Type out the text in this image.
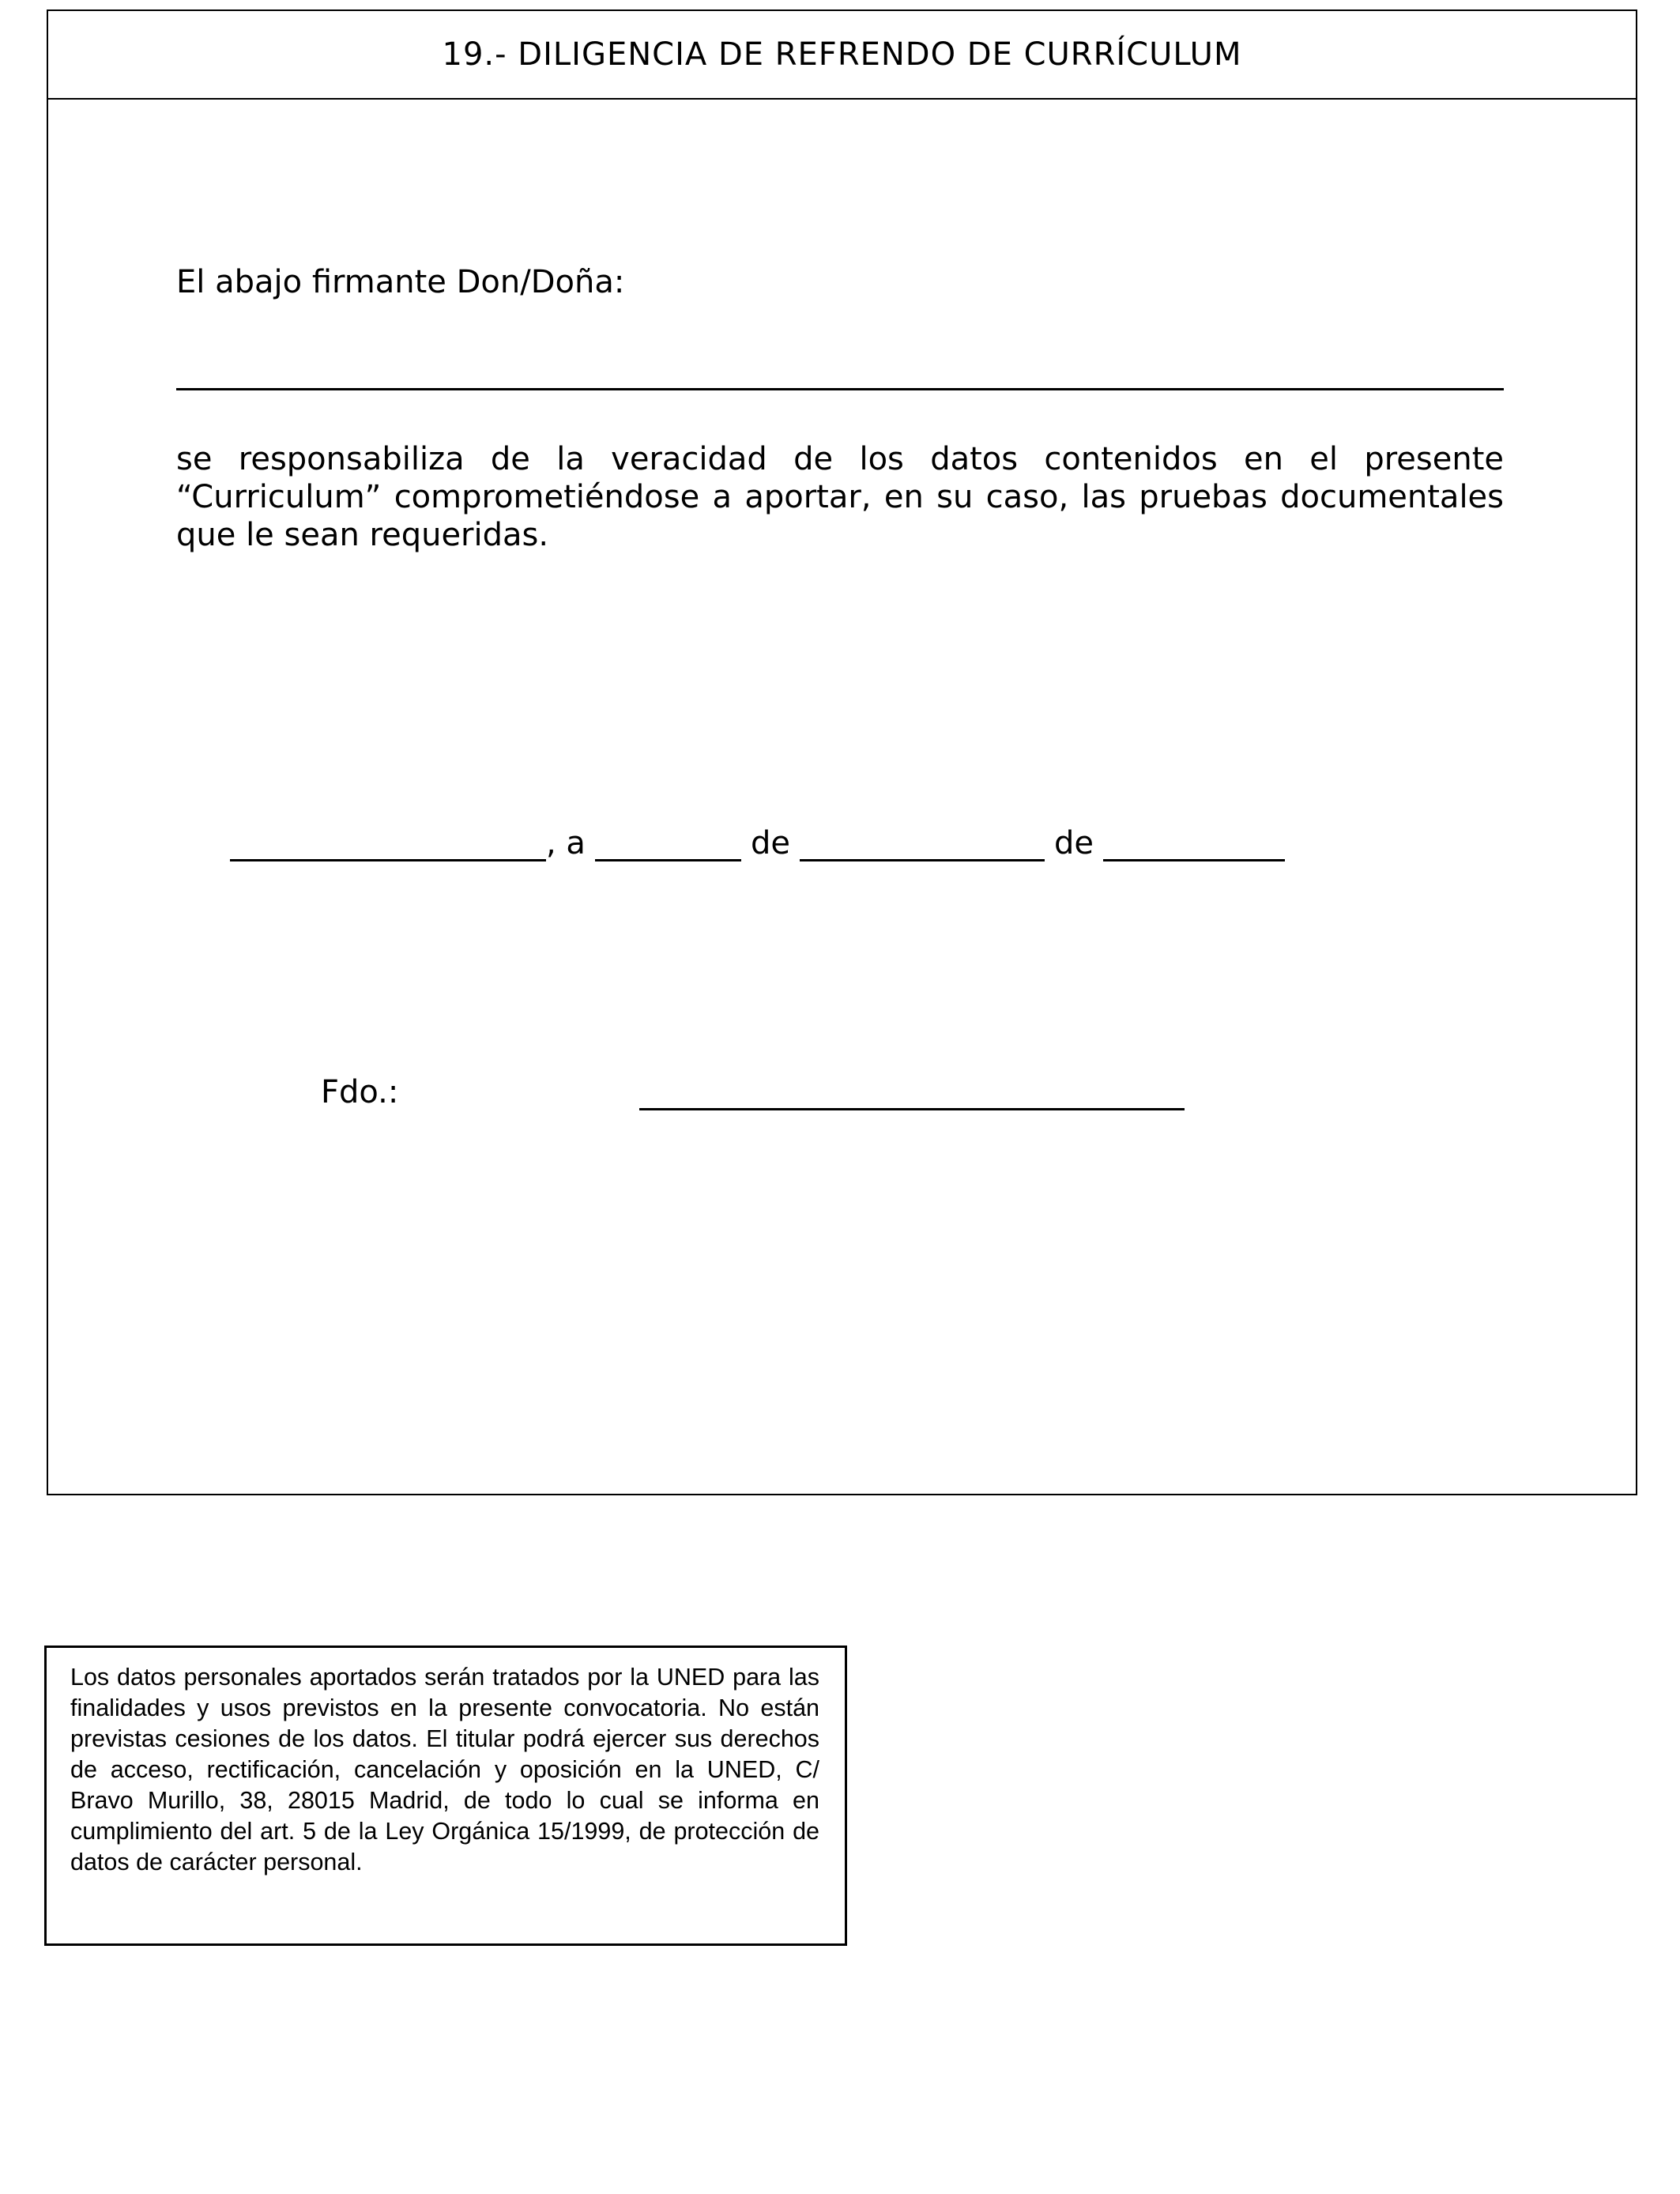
19.- DILIGENCIA DE REFRENDO DE CURRÍCULUM
El abajo firmante Don/Doña:
se responsabiliza de la veracidad de los datos contenidos en el presente “Curriculum” comprometiéndose a aportar, en su caso, las pruebas documentales que le sean requeridas.
, a	de	de
Fdo.:
Los datos personales aportados serán tratados por la UNED para las finalidades y usos previstos en la presente convocatoria. No están previstas cesiones de los datos. El titular podrá ejercer sus derechos de acceso, rectificación, cancelación y oposición en la UNED, C/ Bravo Murillo, 38, 28015 Madrid, de todo lo cual se informa en cumplimiento del art. 5 de la Ley Orgánica 15/1999, de protección de datos de carácter personal.
